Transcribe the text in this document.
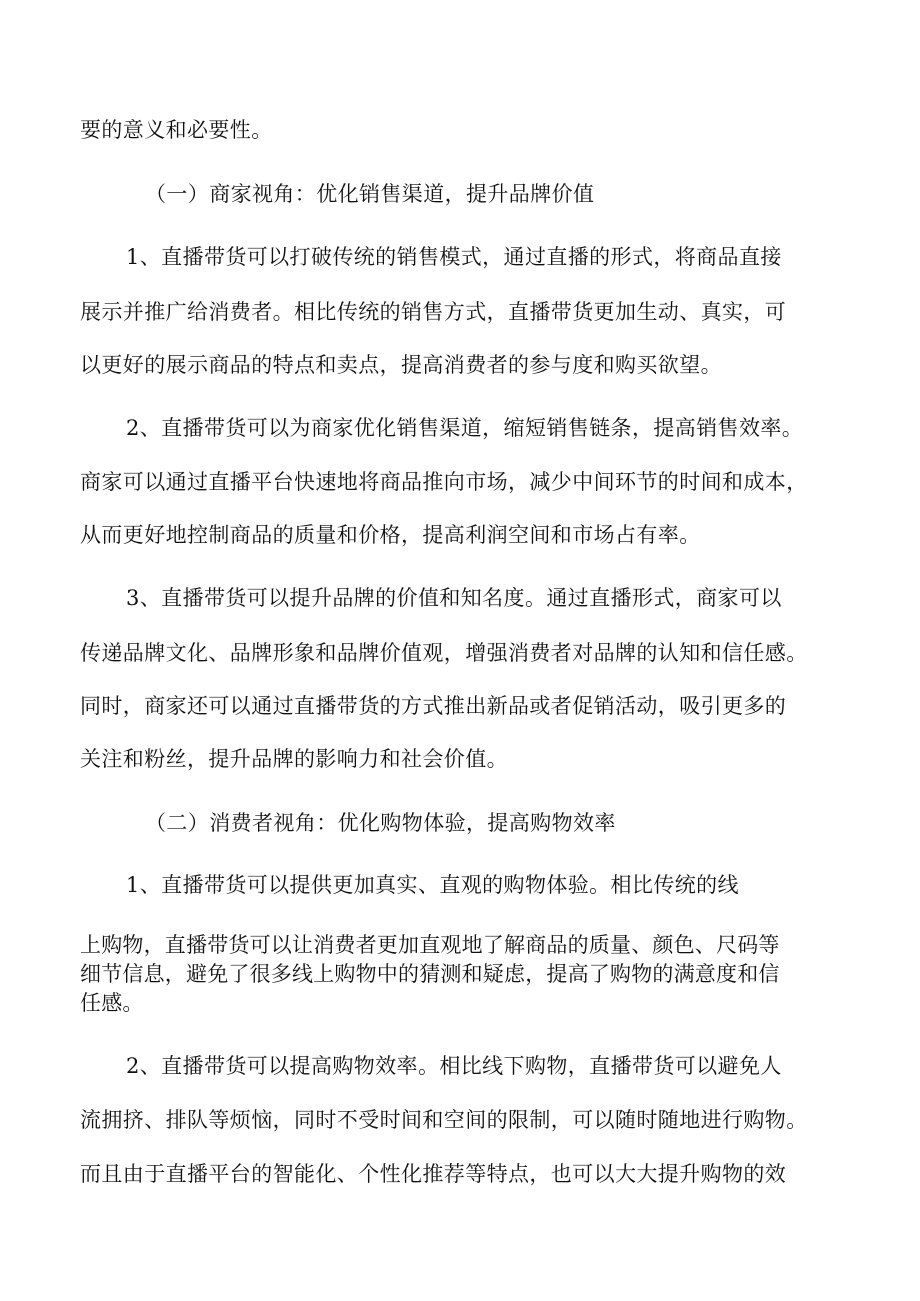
要的意义和必要性。
（一）商家视角：优化销售渠道，提升品牌价值
1、直播带货可以打破传统的销售模式，通过直播的形式，将商品直接
展示并推广给消费者。相比传统的销售方式，直播带货更加生动、真实，可
以更好的展示商品的特点和卖点，提高消费者的参与度和购买欲望。
2、直播带货可以为商家优化销售渠道，缩短销售链条，提高销售效率。
商家可以通过直播平台快速地将商品推向市场，减少中间环节的时间和成本，
从而更好地控制商品的质量和价格，提高利润空间和市场占有率。
3、直播带货可以提升品牌的价值和知名度。通过直播形式，商家可以
传递品牌文化、品牌形象和品牌价值观，增强消费者对品牌的认知和信任感。
同时，商家还可以通过直播带货的方式推出新品或者促销活动，吸引更多的
关注和粉丝，提升品牌的影响力和社会价值。
（二）消费者视角：优化购物体验，提高购物效率
1、直播带货可以提供更加真实、直观的购物体验。相比传统的线
上购物，直播带货可以让消费者更加直观地了解商品的质量、颜色、尺码等
细节信息，避免了很多线上购物中的猜测和疑虑，提高了购物的满意度和信
任感。
2、直播带货可以提高购物效率。相比线下购物，直播带货可以避免人
流拥挤、排队等烦恼，同时不受时间和空间的限制，可以随时随地进行购物。
而且由于直播平台的智能化、个性化推荐等特点，也可以大大提升购物的效
